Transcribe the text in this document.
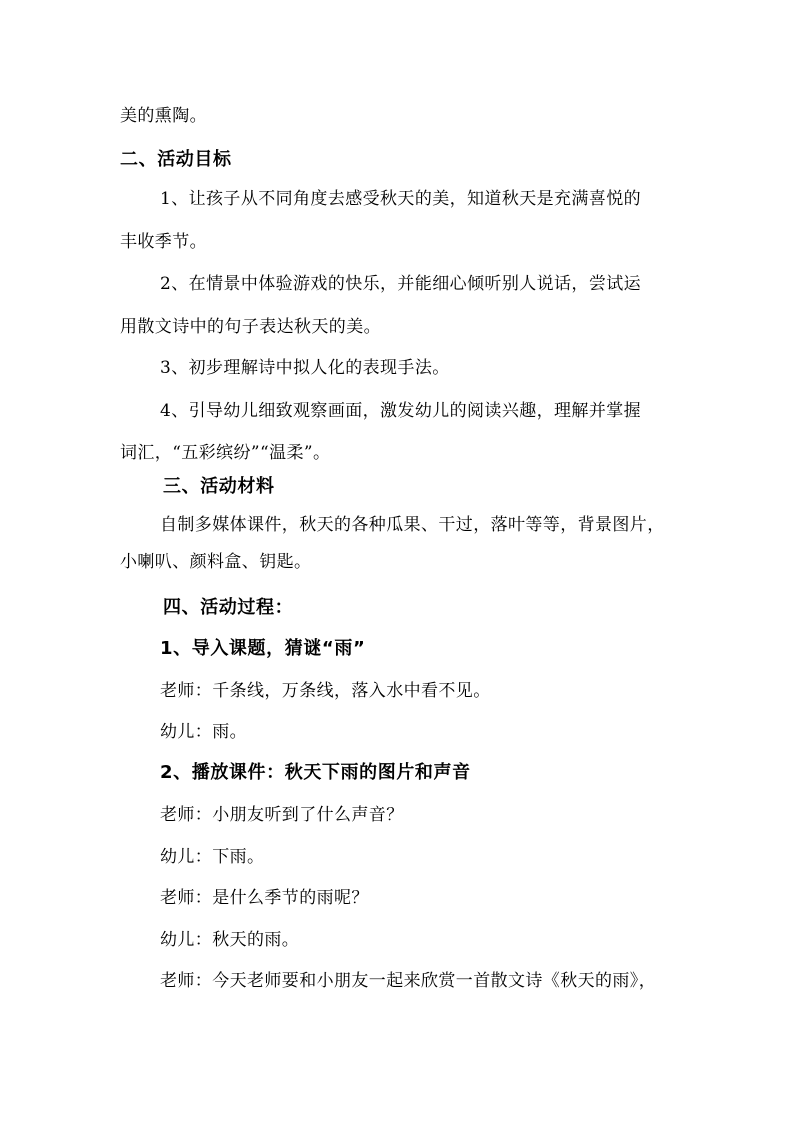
美的熏陶。
二、活动目标
1、让孩子从不同角度去感受秋天的美，知道秋天是充满喜悦的
丰收季节。
2、在情景中体验游戏的快乐，并能细心倾听别人说话，尝试运
用散文诗中的句子表达秋天的美。
3、初步理解诗中拟人化的表现手法。
4、引导幼儿细致观察画面，激发幼儿的阅读兴趣，理解并掌握
词汇，“五彩缤纷”“温柔”。
三、活动材料
自制多媒体课件，秋天的各种瓜果、干过，落叶等等，背景图片，
小喇叭、颜料盒、钥匙。
四、活动过程：
1、导入课题，猜谜“雨”
老师：千条线，万条线，落入水中看不见。
幼儿：雨。
2、播放课件：秋天下雨的图片和声音
老师：小朋友听到了什么声音？
幼儿：下雨。
老师：是什么季节的雨呢？
幼儿：秋天的雨。
老师：今天老师要和小朋友一起来欣赏一首散文诗《秋天的雨》，
